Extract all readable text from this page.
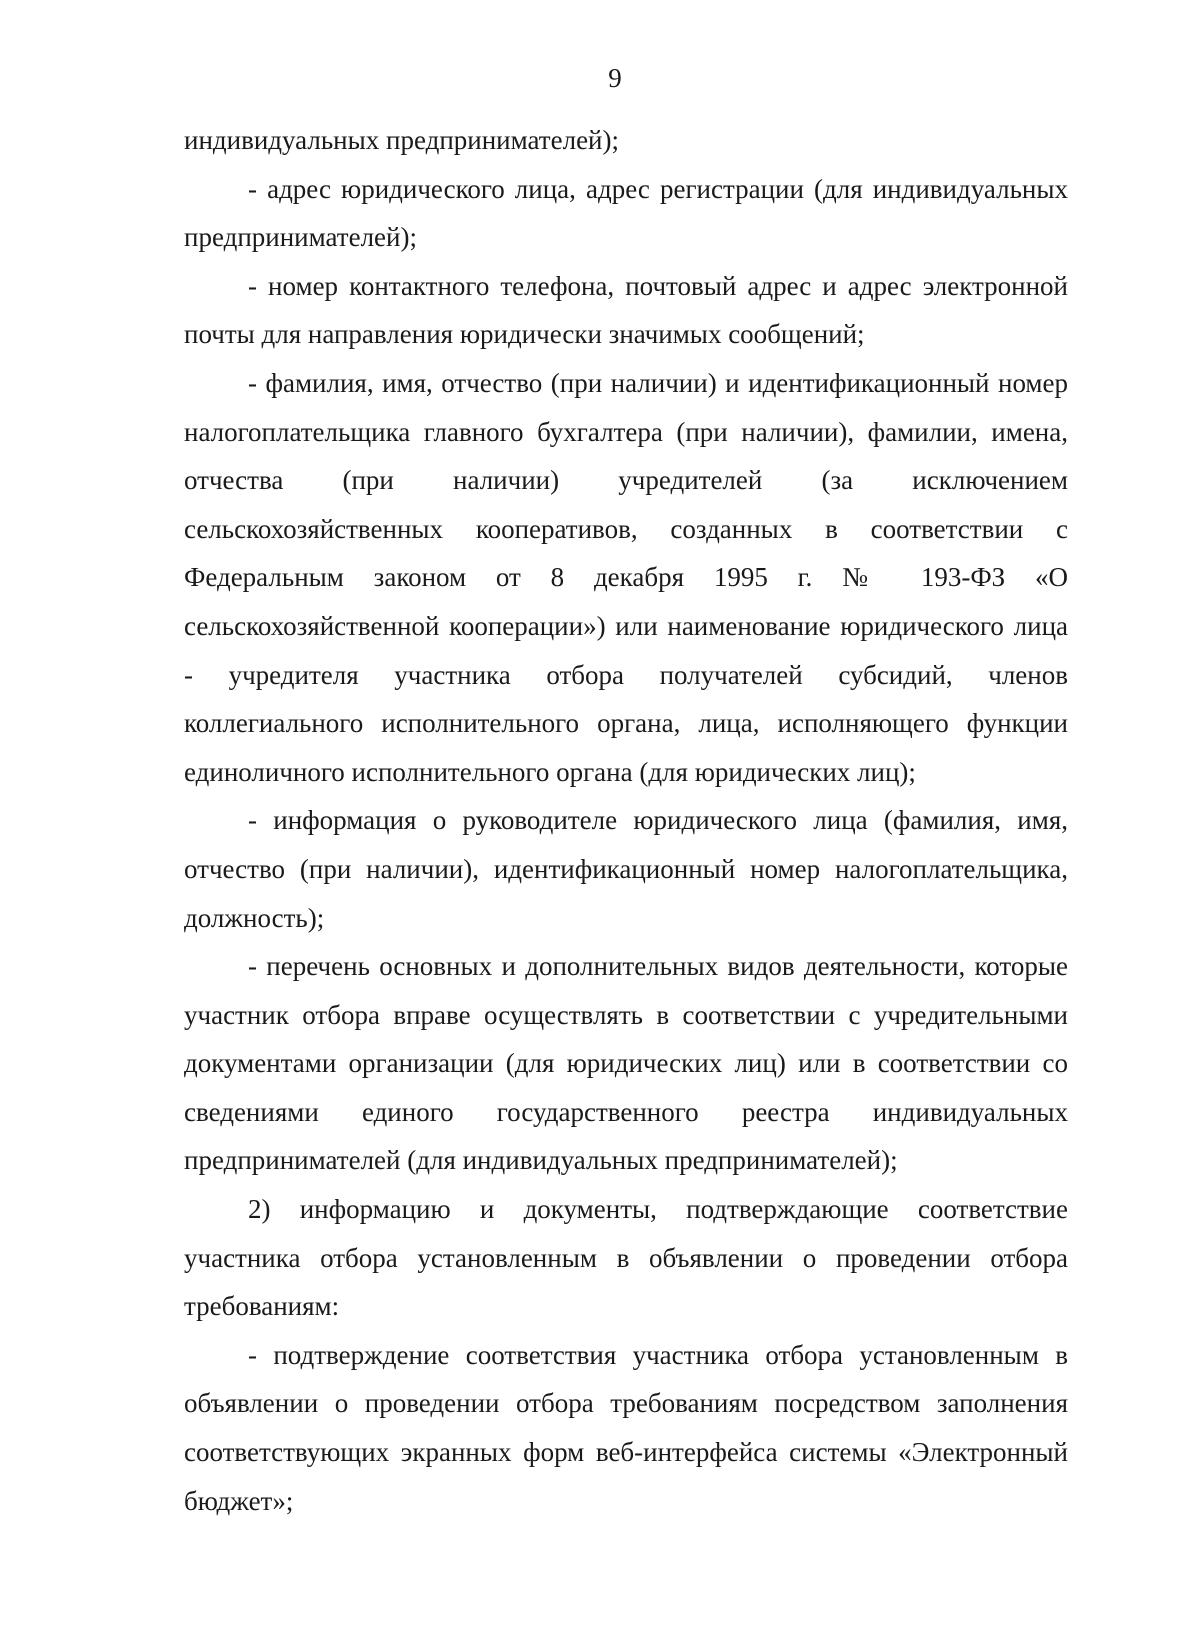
9

индивидуальных предпринимателей);

- адрес юридического лица, адрес регистрации (для индивидуальных предпринимателей);

- номер контактного телефона, почтовый адрес и адрес электронной почты для направления юридически значимых сообщений;

- фамилия, имя, отчество (при наличии) и идентификационный номер налогоплательщика главного бухгалтера (при наличии), фамилии, имена, отчества (при наличии) учредителей (за исключением сельскохозяйственных кооперативов, созданных в соответствии с Федеральным законом от 8 декабря 1995 г. № 193-ФЗ «О сельскохозяйственной кооперации») или наименование юридического лица - учредителя участника отбора получателей субсидий, членов коллегиального исполнительного органа, лица, исполняющего функции единоличного исполнительного органа (для юридических лиц);

- информация о руководителе юридического лица (фамилия, имя, отчество (при наличии), идентификационный номер налогоплательщика, должность);

- перечень основных и дополнительных видов деятельности, которые участник отбора вправе осуществлять в соответствии с учредительными документами организации (для юридических лиц) или в соответствии со сведениями единого государственного реестра индивидуальных предпринимателей (для индивидуальных предпринимателей);

2) информацию и документы, подтверждающие соответствие участника отбора установленным в объявлении о проведении отбора требованиям:

- подтверждение соответствия участника отбора установленным в объявлении о проведении отбора требованиям посредством заполнения соответствующих экранных форм веб-интерфейса системы «Электронный бюджет»;
